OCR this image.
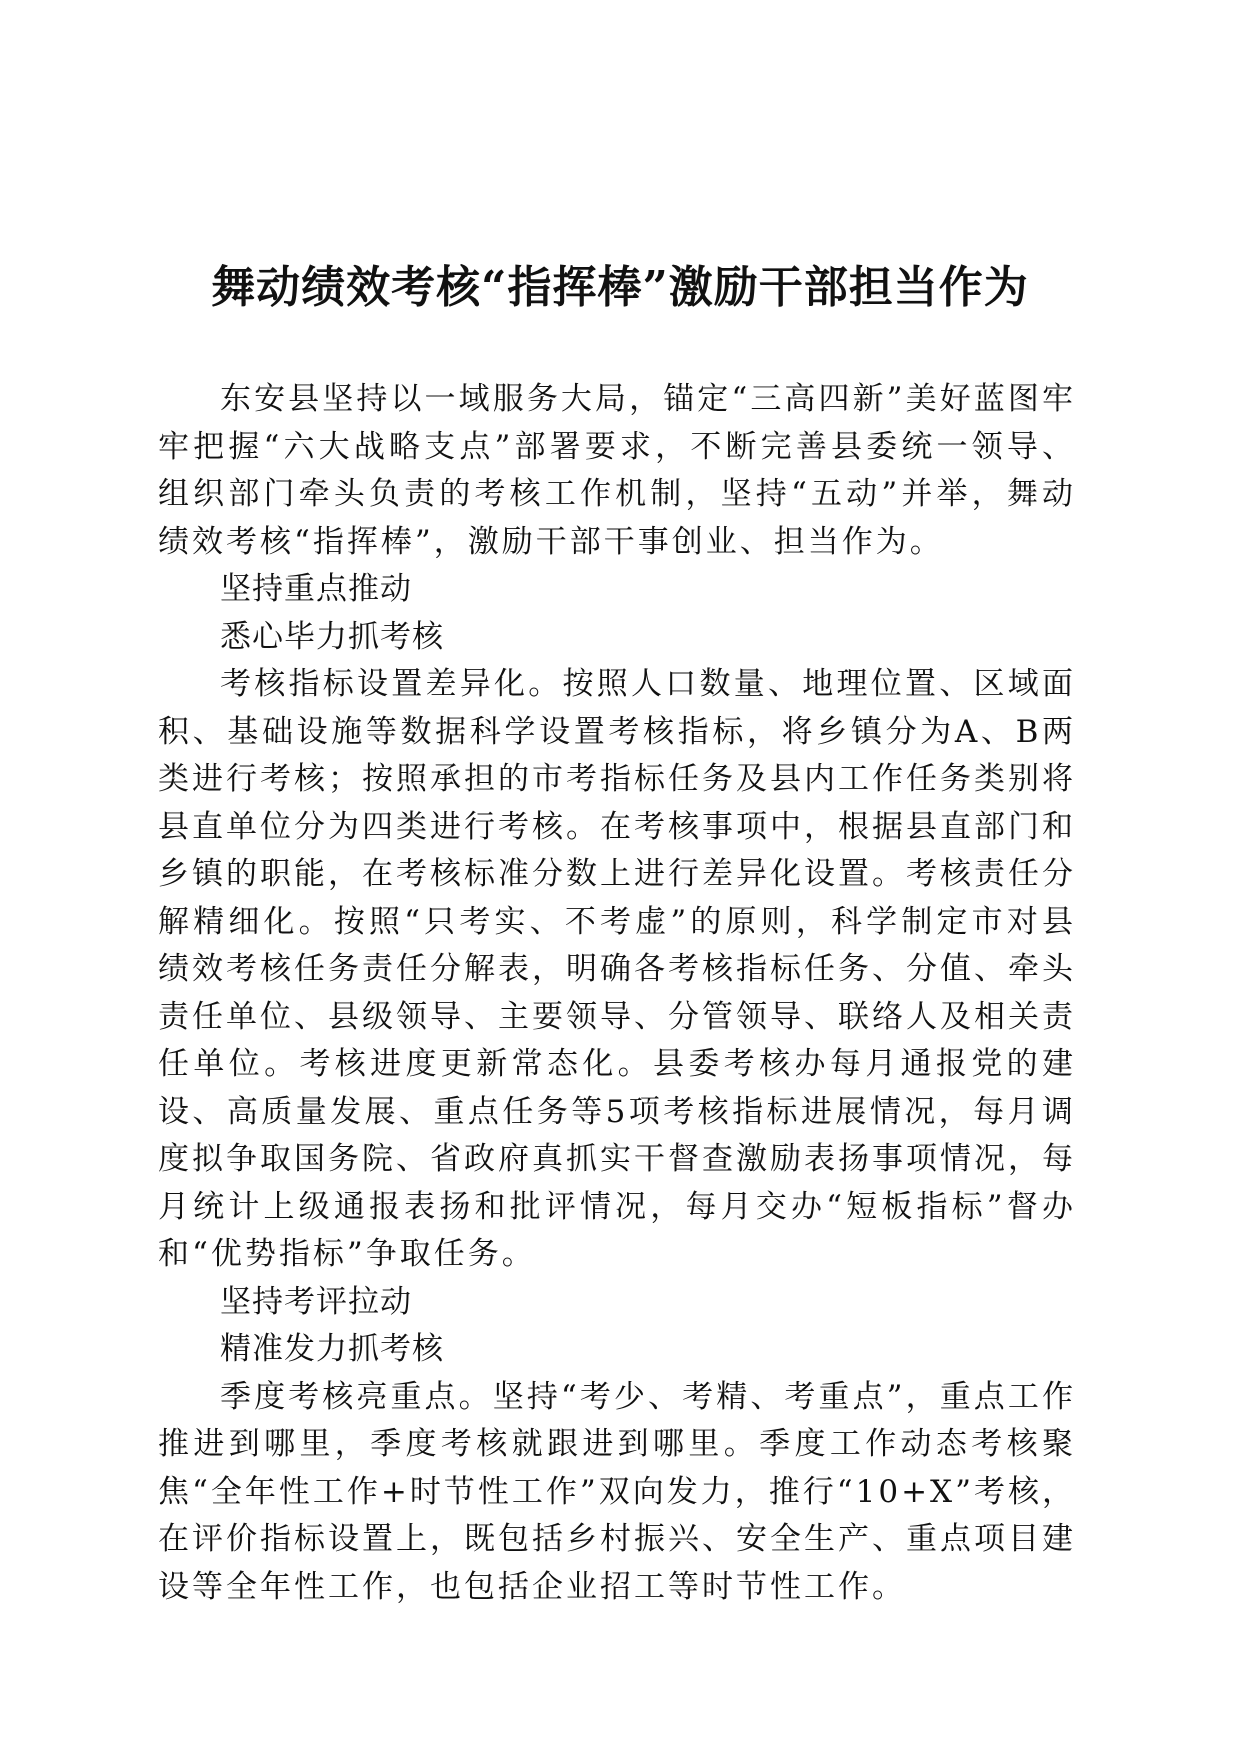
舞动绩效考核“指挥棒”激励干部担当作为

东安县坚持以一域服务大局，锚定“三高四新”美好蓝图牢牢把握“六大战略支点”部署要求，不断完善县委统一领导、组织部门牵头负责的考核工作机制，坚持“五动”并举，舞动绩效考核“指挥棒”，激励干部干事创业、担当作为。

坚持重点推动

悉心毕力抓考核

考核指标设置差异化。按照人口数量、地理位置、区域面积、基础设施等数据科学设置考核指标，将乡镇分为A、B两类进行考核；按照承担的市考指标任务及县内工作任务类别将县直单位分为四类进行考核。在考核事项中，根据县直部门和乡镇的职能，在考核标准分数上进行差异化设置。考核责任分解精细化。按照“只考实、不考虚”的原则，科学制定市对县绩效考核任务责任分解表，明确各考核指标任务、分值、牵头责任单位、县级领导、主要领导、分管领导、联络人及相关责任单位。考核进度更新常态化。县委考核办每月通报党的建设、高质量发展、重点任务等5项考核指标进展情况，每月调度拟争取国务院、省政府真抓实干督查激励表扬事项情况，每月统计上级通报表扬和批评情况，每月交办“短板指标”督办和“优势指标”争取任务。

坚持考评拉动

精准发力抓考核

季度考核亮重点。坚持“考少、考精、考重点”，重点工作推进到哪里，季度考核就跟进到哪里。季度工作动态考核聚焦“全年性工作+时节性工作”双向发力，推行“10+X”考核，在评价指标设置上，既包括乡村振兴、安全生产、重点项目建设等全年性工作，也包括企业招工等时节性工作。
